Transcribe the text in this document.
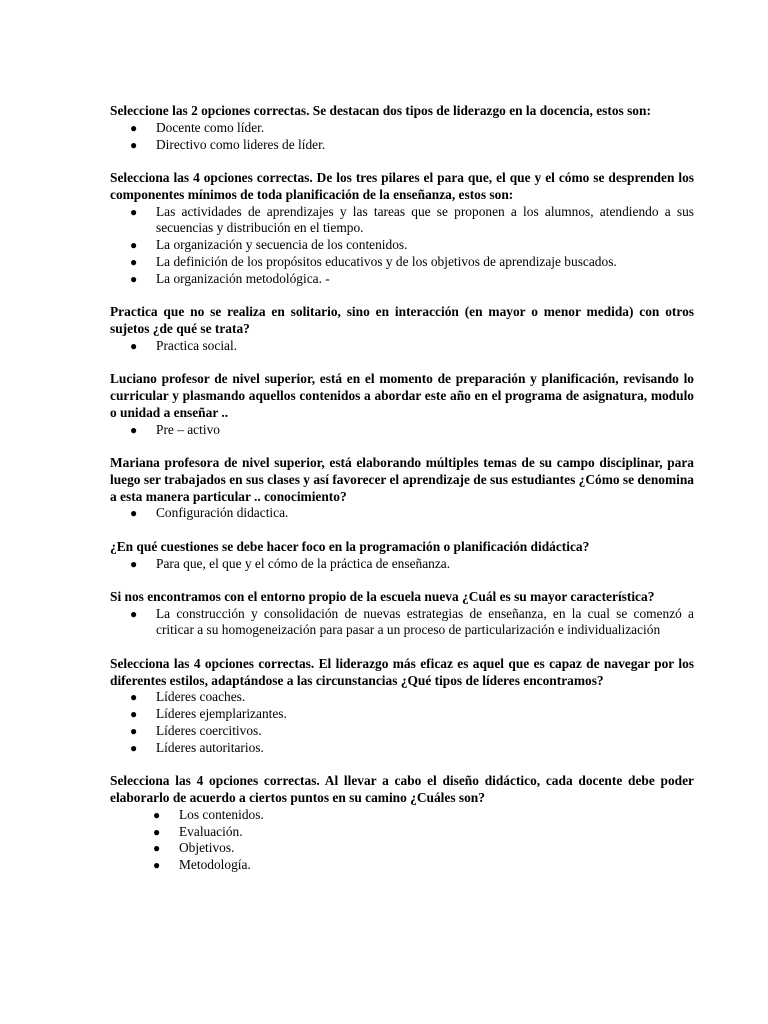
Seleccione las 2 opciones correctas. Se destacan dos tipos de liderazgo en la docencia, estos son:

● Docente como líder.
● Directivo como lideres de líder.

Selecciona las 4 opciones correctas. De los tres pilares el para que, el que y el cómo se desprenden los componentes mínimos de toda planificación de la enseñanza, estos son:

● Las actividades de aprendizajes y las tareas que se proponen a los alumnos, atendiendo a sus secuencias y distribución en el tiempo.
● La organización y secuencia de los contenidos.
● La definición de los propósitos educativos y de los objetivos de aprendizaje buscados.
● La organización metodológica. -

Practica que no se realiza en solitario, sino en interacción (en mayor o menor medida) con otros sujetos ¿de qué se trata?

● Practica social.

Luciano profesor de nivel superior, está en el momento de preparación y planificación, revisando lo curricular y plasmando aquellos contenidos a abordar este año en el programa de asignatura, modulo o unidad a enseñar ..

● Pre – activo

Mariana profesora de nivel superior, está elaborando múltiples temas de su campo disciplinar, para luego ser trabajados en sus clases y así favorecer el aprendizaje de sus estudiantes ¿Cómo se denomina a esta manera particular .. conocimiento?

● Configuración didactica.

¿En qué cuestiones se debe hacer foco en la programación o planificación didáctica?

● Para que, el que y el cómo de la práctica de enseñanza.

Si nos encontramos con el entorno propio de la escuela nueva ¿Cuál es su mayor característica?

● La construcción y consolidación de nuevas estrategias de enseñanza, en la cual se comenzó a criticar a su homogeneización para pasar a un proceso de particularización e individualización

Selecciona las 4 opciones correctas. El liderazgo más eficaz es aquel que es capaz de navegar por los diferentes estilos, adaptándose a las circunstancias ¿Qué tipos de líderes encontramos?

● Líderes coaches.
● Líderes ejemplarizantes.
● Líderes coercitivos.
● Líderes autoritarios.

Selecciona las 4 opciones correctas. Al llevar a cabo el diseño didáctico, cada docente debe poder elaborarlo de acuerdo a ciertos puntos en su camino ¿Cuáles son?

● Los contenidos.
● Evaluación.
● Objetivos.
● Metodología.
